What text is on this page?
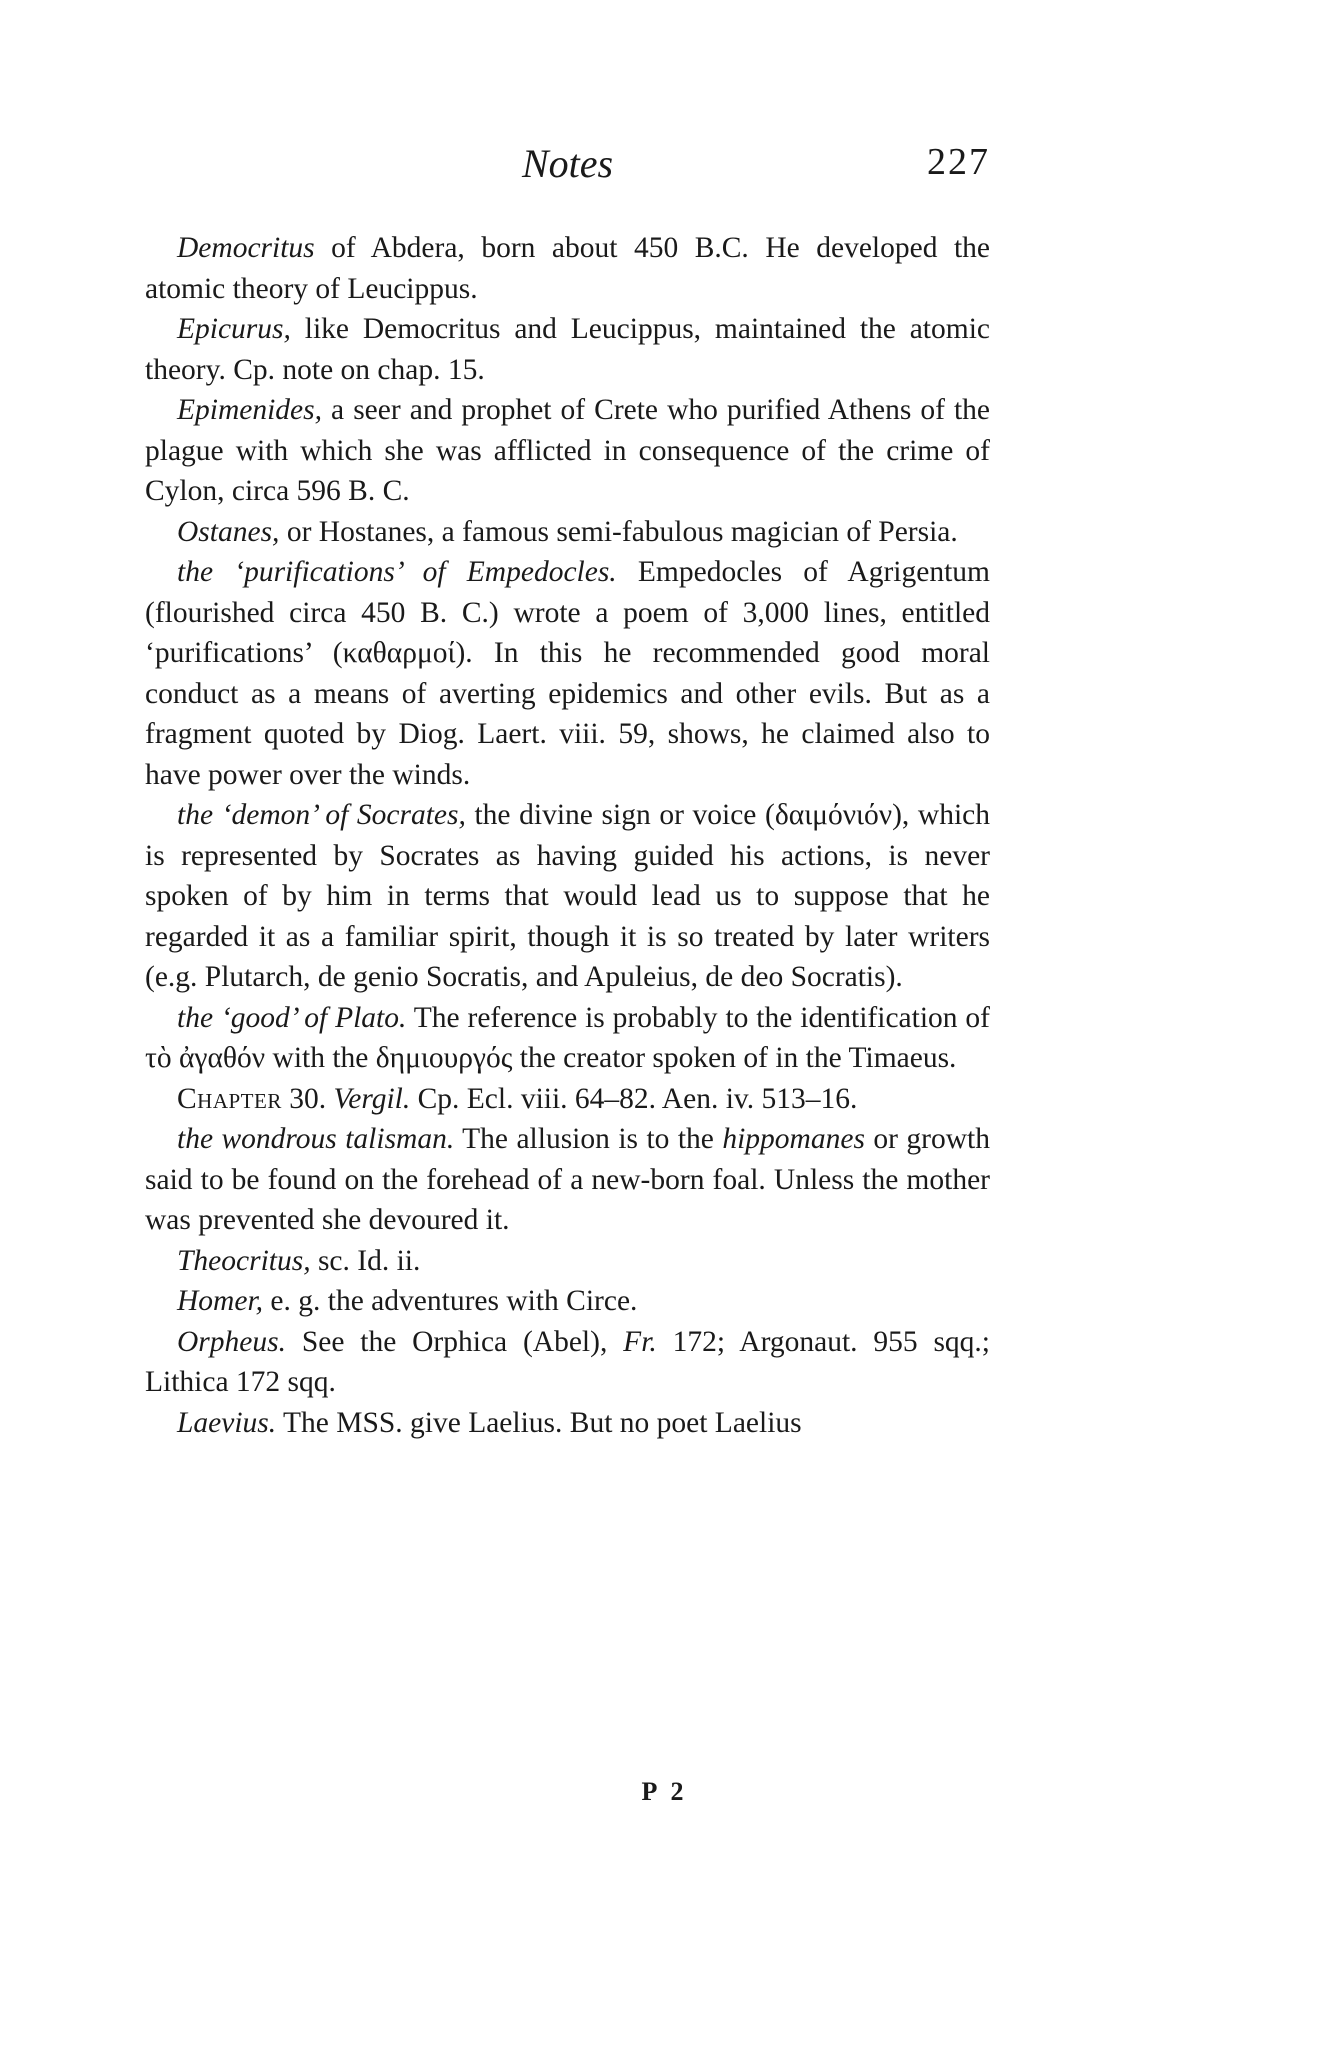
Notes	227

Democritus of Abdera, born about 450 B.C. He developed the atomic theory of Leucippus.

Epicurus, like Democritus and Leucippus, maintained the atomic theory. Cp. note on chap. 15.

Epimenides, a seer and prophet of Crete who purified Athens of the plague with which she was afflicted in consequence of the crime of Cylon, circa 596 B. C.

Ostanes, or Hostanes, a famous semi-fabulous magician of Persia.

the ‘purifications’ of Empedocles. Empedocles of Agrigentum (flourished circa 450 B. C.) wrote a poem of 3,000 lines, entitled ‘purifications’ (καθαρμοί). In this he recommended good moral conduct as a means of averting epidemics and other evils. But as a fragment quoted by Diog. Laert. viii. 59, shows, he claimed also to have power over the winds.

the ‘demon’ of Socrates, the divine sign or voice (δαιμόνιόν), which is represented by Socrates as having guided his actions, is never spoken of by him in terms that would lead us to suppose that he regarded it as a familiar spirit, though it is so treated by later writers (e.g. Plutarch, de genio Socratis, and Apuleius, de deo Socratis).

the ‘good’ of Plato. The reference is probably to the identification of τὸ ἀγαθόν with the δημιουργός the creator spoken of in the Timaeus.

Chapter 30. Vergil. Cp. Ecl. viii. 64–82. Aen. iv. 513–16.

the wondrous talisman. The allusion is to the hippomanes or growth said to be found on the forehead of a new-born foal. Unless the mother was prevented she devoured it.

Theocritus, sc. Id. ii.

Homer, e. g. the adventures with Circe.

Orpheus. See the Orphica (Abel), Fr. 172; Argonaut. 955 sqq.; Lithica 172 sqq.

Laevius. The MSS. give Laelius. But no poet Laelius

P 2
